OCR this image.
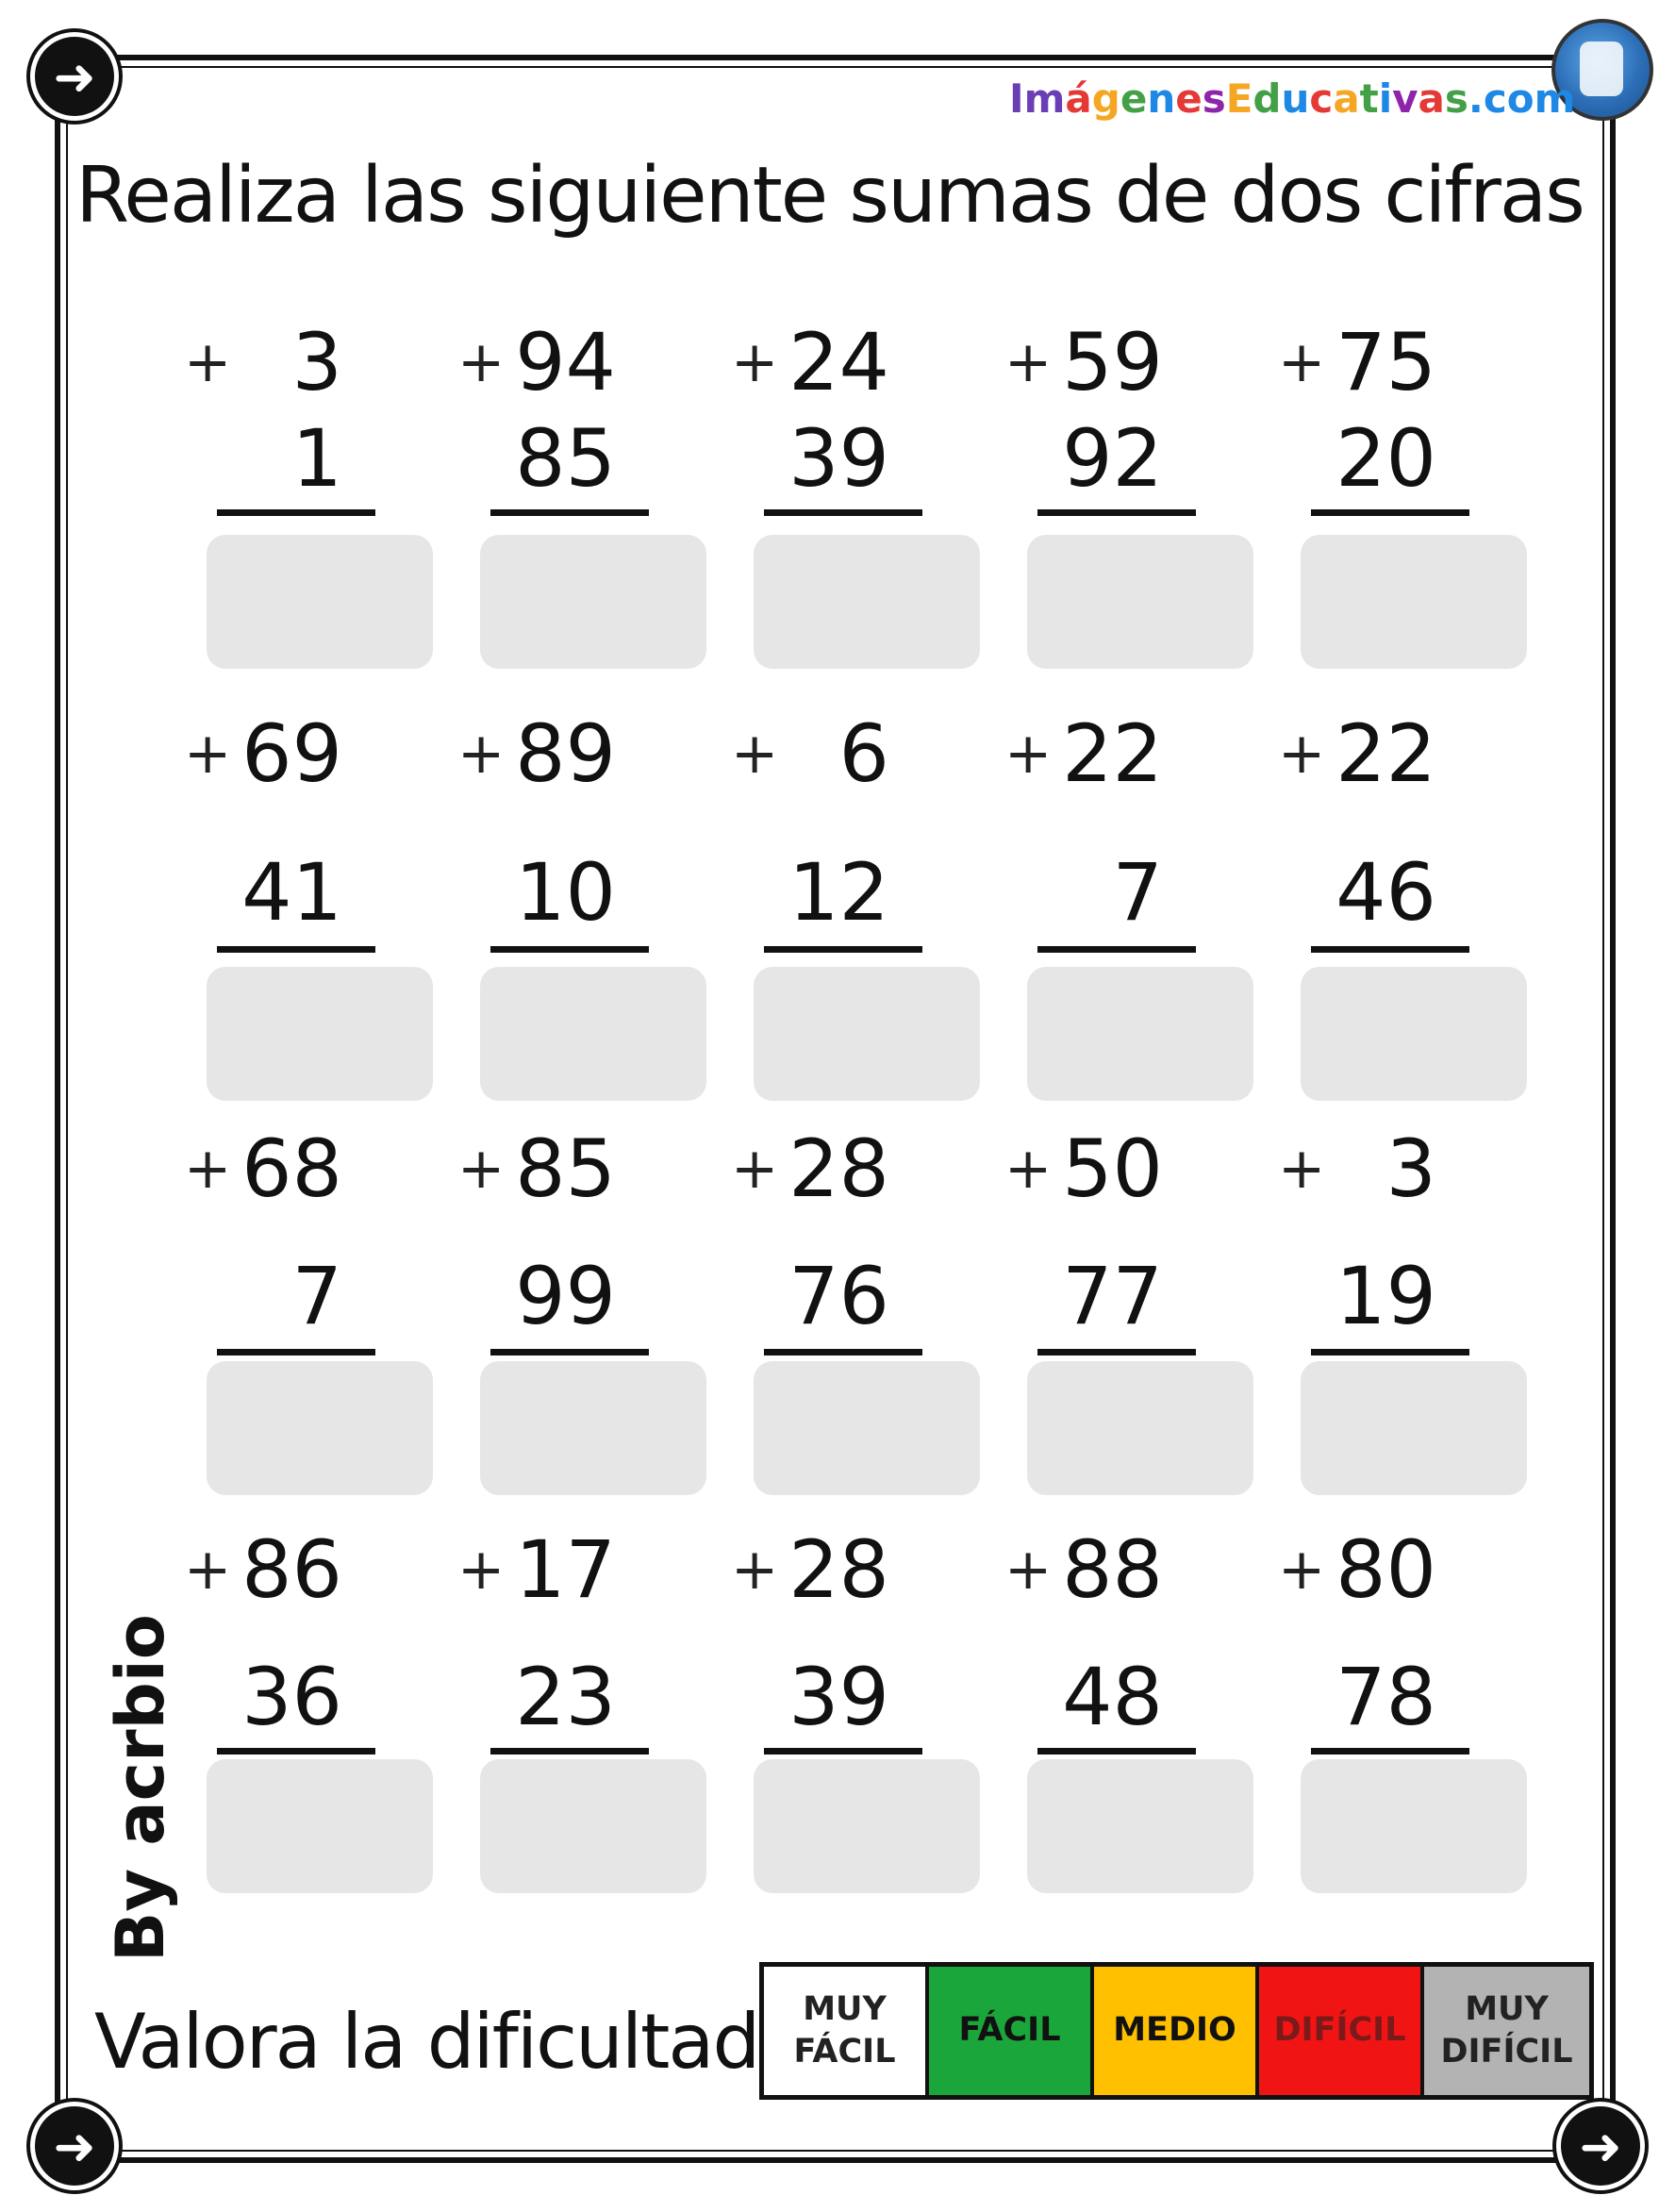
➜
➜	➜
ImágenesEducativas.com
Realiza las siguiente sumas de dos cifras
+ 3
1
+ 94
85
+ 24
39
+ 59
92
+ 75
20
+ 69
41
+ 89
10
+ 6
12
+ 22
7
+ 22
46
+ 68
7
+ 85
99
+ 28
76
+ 50
77
+ 3
19
+ 86
36
+ 17
23
+ 28
39
+ 88
48
+ 80
78
By acrbio
Valora la dificultad MUY
FÁCIL
FÁCIL MEDIO DIFÍCIL
MUY
DIFÍCIL
